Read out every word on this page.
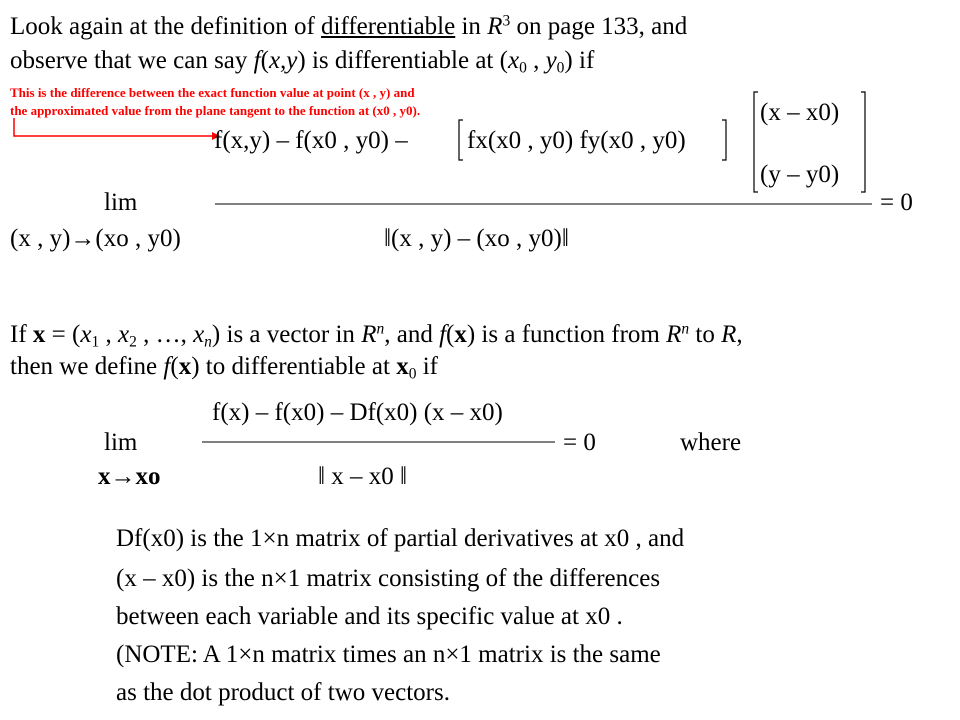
Look again at the definition of differentiable in $R^3$ on page 133, and
observe that we can say f(x,y) is differentiable at ($x_0$ , $y_0$) if
This is the difference between the exact function value at point (x , y) and
the approximated value from the plane tangent to the function at (x0 , y0).
f(x,y) – f(x0 , y0) – fx(x0 , y0) fy(x0 , y0)
(x – x0)
(y – y0)
lim	= 0
(x , y)→(xo , y0)	‖(x , y) – (xo , y0)‖
If $x = (x_1$ , $x_2$ , …, $x_n$) is a vector in $R^n$, and f(x) is a function from $R^n$ to R,
then we define f(x) to differentiable at $x_0$ if
f(x) – f(x0) – Df(x0) (x – x0)
lim	= 0	where
x→xo	‖ x – x0 ‖
Df(x0) is the 1×n matrix of partial derivatives at x0 , and
(x – x0) is the n×1 matrix consisting of the differences
between each variable and its specific value at x0 .
(NOTE: A 1×n matrix times an n×1 matrix is the same
as the dot product of two vectors.
